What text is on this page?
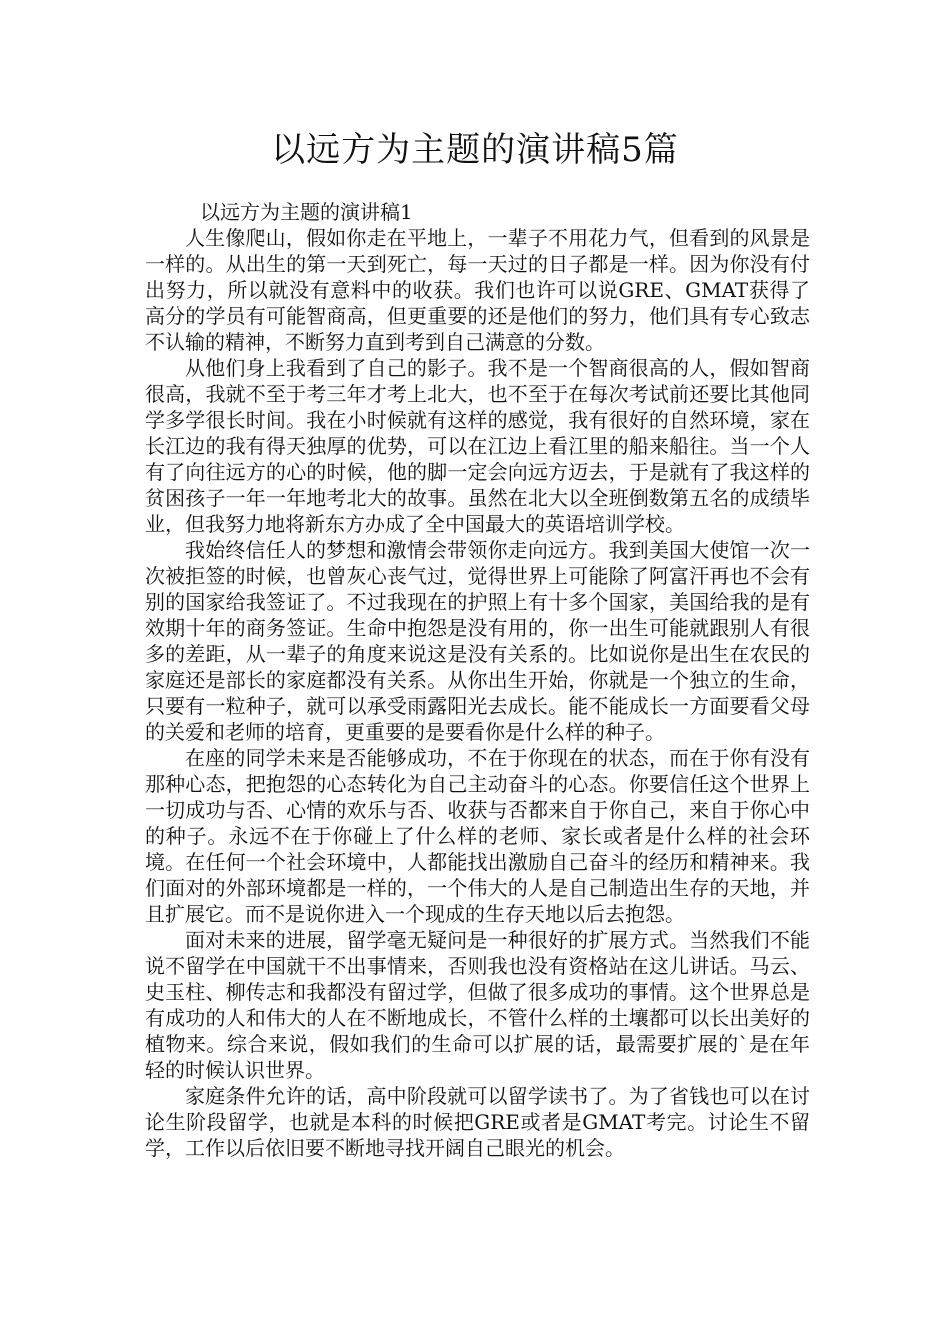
以远方为主题的演讲稿5篇

以远方为主题的演讲稿1

人生像爬山，假如你走在平地上，一辈子不用花力气，但看到的风景是一样的。从出生的第一天到死亡，每一天过的日子都是一样。因为你没有付出努力，所以就没有意料中的收获。我们也许可以说GRE、GMAT获得了高分的学员有可能智商高，但更重要的还是他们的努力，他们具有专心致志不认输的精神，不断努力直到考到自己满意的分数。

从他们身上我看到了自己的影子。我不是一个智商很高的人，假如智商很高，我就不至于考三年才考上北大，也不至于在每次考试前还要比其他同学多学很长时间。我在小时候就有这样的感觉，我有很好的自然环境，家在长江边的我有得天独厚的优势，可以在江边上看江里的船来船往。当一个人有了向往远方的心的时候，他的脚一定会向远方迈去，于是就有了我这样的贫困孩子一年一年地考北大的故事。虽然在北大以全班倒数第五名的成绩毕业，但我努力地将新东方办成了全中国最大的英语培训学校。

我始终信任人的梦想和激情会带领你走向远方。我到美国大使馆一次一次被拒签的时候，也曾灰心丧气过，觉得世界上可能除了阿富汗再也不会有别的国家给我签证了。不过我现在的护照上有十多个国家，美国给我的是有效期十年的商务签证。生命中抱怨是没有用的，你一出生可能就跟别人有很多的差距，从一辈子的角度来说这是没有关系的。比如说你是出生在农民的家庭还是部长的家庭都没有关系。从你出生开始，你就是一个独立的生命，只要有一粒种子，就可以承受雨露阳光去成长。能不能成长一方面要看父母的关爱和老师的培育，更重要的是要看你是什么样的种子。

在座的同学未来是否能够成功，不在于你现在的状态，而在于你有没有那种心态，把抱怨的心态转化为自己主动奋斗的心态。你要信任这个世界上一切成功与否、心情的欢乐与否、收获与否都来自于你自己，来自于你心中的种子。永远不在于你碰上了什么样的老师、家长或者是什么样的社会环境。在任何一个社会环境中，人都能找出激励自己奋斗的经历和精神来。我们面对的外部环境都是一样的，一个伟大的人是自己制造出生存的天地，并且扩展它。而不是说你进入一个现成的生存天地以后去抱怨。

面对未来的进展，留学毫无疑问是一种很好的扩展方式。当然我们不能说不留学在中国就干不出事情来，否则我也没有资格站在这儿讲话。马云、史玉柱、柳传志和我都没有留过学，但做了很多成功的事情。这个世界总是有成功的人和伟大的人在不断地成长，不管什么样的土壤都可以长出美好的植物来。综合来说，假如我们的生命可以扩展的话，最需要扩展的`是在年轻的时候认识世界。

家庭条件允许的话，高中阶段就可以留学读书了。为了省钱也可以在讨论生阶段留学，也就是本科的时候把GRE或者是GMAT考完。讨论生不留学，工作以后依旧要不断地寻找开阔自己眼光的机会。
